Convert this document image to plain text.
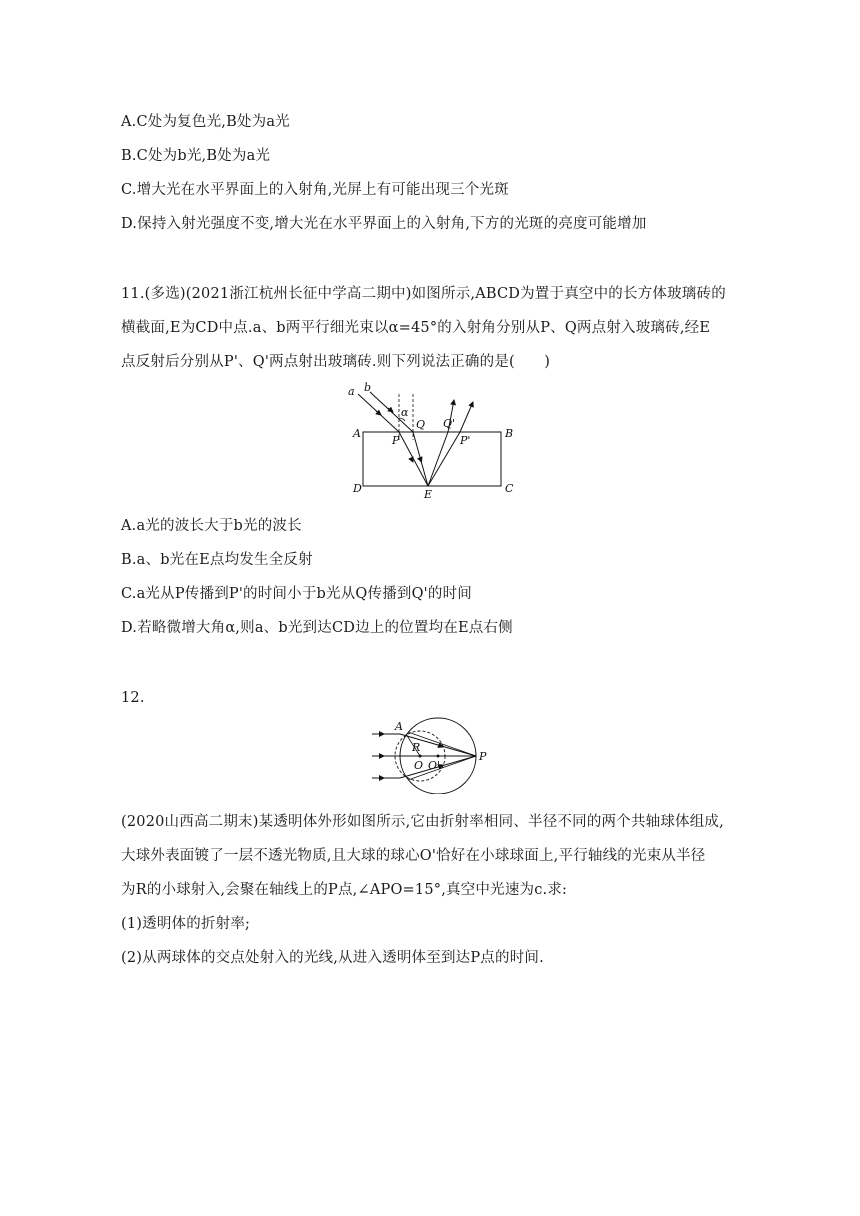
A.C处为复色光,B处为a光
B.C处为b光,B处为a光
C.增大光在水平界面上的入射角,光屏上有可能出现三个光斑
D.保持入射光强度不变,增大光在水平界面上的入射角,下方的光斑的亮度可能增加
11.(多选)(2021浙江杭州长征中学高二期中)如图所示,ABCD为置于真空中的长方体玻璃砖的
横截面,E为CD中点.a、b两平行细光束以α=45°的入射角分别从P、Q两点射入玻璃砖,经E
点反射后分别从P'、Q'两点射出玻璃砖.则下列说法正确的是(　　)
a b
A	B
C
D	E
P
Q
P'
Q'
α
A.a光的波长大于b光的波长
B.a、b光在E点均发生全反射
C.a光从P传播到P'的时间小于b光从Q传播到Q'的时间
D.若略微增大角α,则a、b光到达CD边上的位置均在E点右侧
12.
A
R
O O'
P
(2020山西高二期末)某透明体外形如图所示,它由折射率相同、半径不同的两个共轴球体组成,
大球外表面镀了一层不透光物质,且大球的球心O'恰好在小球球面上,平行轴线的光束从半径
为R的小球射入,会聚在轴线上的P点,∠APO=15°,真空中光速为c.求:
(1)透明体的折射率;
(2)从两球体的交点处射入的光线,从进入透明体至到达P点的时间.
